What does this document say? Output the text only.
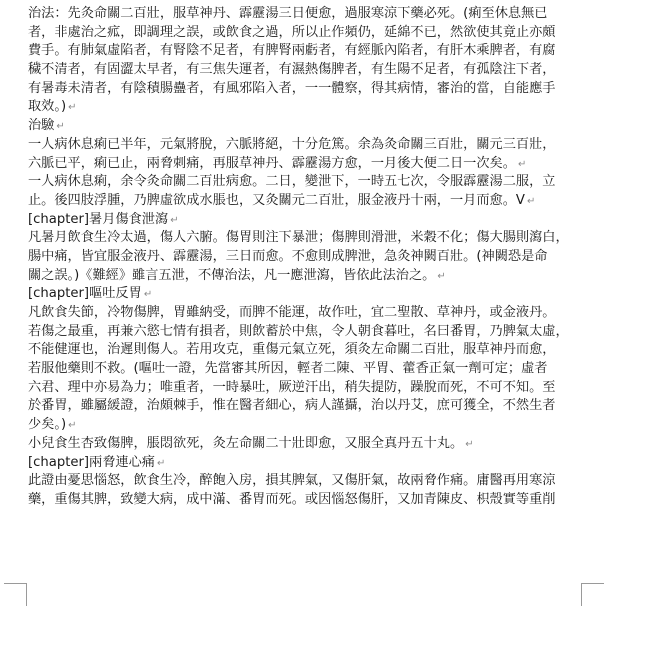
治法：先灸命關二百壯，服草神丹、霹靂湯三日便愈，過服寒涼下藥必死。(痢至休息無已
者，非處治之㽿，即調理之誤，或飲食之過，所以止作頻仍，延綿不已，然欲使其竟止亦頗
費手。有肺氣虛陷者，有腎陰不足者，有脾腎兩虧者，有經脈內陷者，有肝木乘脾者，有腐
穢不清者，有固澀太早者，有三焦失運者，有濕熱傷脾者，有生陽不足者，有孤陰注下者，
有暑毒未清者，有陰積腸蠱者，有風邪陷入者，一一體察，得其病情，審治的當，自能應手
取效。) ↵
治驗 ↵
一人病休息痢已半年，元氣將脫，六脈將絕，十分危篤。余為灸命關三百壯，關元三百壯，
六脈已平，痢已止，兩脅刺痛，再服草神丹、霹靂湯方愈，一月後大便二日一次矣。 ↵
一人病休息痢，余令灸命關二百壯病愈。二日，變泄下，一時五七次，令服霹靂湯二服，立
止。後四肢浮腫，乃脾虛欲成水脹也，又灸關元二百壯，服金液丹十兩，一月而愈。V ↵
[chapter]暑月傷食泄瀉 ↵
凡暑月飲食生冷太過，傷人六腑。傷胃則注下暴泄；傷脾則滑泄，米穀不化；傷大腸則瀉白，
腸中痛，皆宜服金液丹、霹靂湯，三日而愈。不愈則成脾泄，急灸神闕百壯。(神闕恐是命
關之誤。)《難經》雖言五泄，不傳治法，凡一應泄瀉，皆依此法治之。 ↵
[chapter]嘔吐反胃 ↵
凡飲食失節，冷物傷脾，胃雖納受，而脾不能運，故作吐，宜二聖散、草神丹，或金液丹。
若傷之最重，再兼六慾七情有損者，則飲蓄於中焦，令人朝食暮吐，名曰番胃，乃脾氣太虛，
不能健運也，治遲則傷人。若用攻克，重傷元氣立死，須灸左命關二百壯，服草神丹而愈，
若服他藥則不救。(嘔吐一證，先當審其所因，輕者二陳、平胃、藿香正氣一劑可定；虛者
六君、理中亦易為力；唯重者，一時暴吐，厥逆汗出，稍失提防，躁脫而死，不可不知。至
於番胃，雖屬緩證，治頗棘手，惟在醫者細心，病人謹攝，治以丹艾，庶可獲全，不然生者
少矣。) ↵
小兒食生杏致傷脾，脹悶欲死，灸左命關二十壯即愈，又服全真丹五十丸。 ↵
[chapter]兩脅連心痛 ↵
此證由憂思惱怒，飲食生冷，醉飽入房，損其脾氣，又傷肝氣，故兩脅作痛。庸醫再用寒涼
藥，重傷其脾，致變大病，成中滿、番胃而死。或因惱怒傷肝，又加青陳皮、枳殼實等重削
